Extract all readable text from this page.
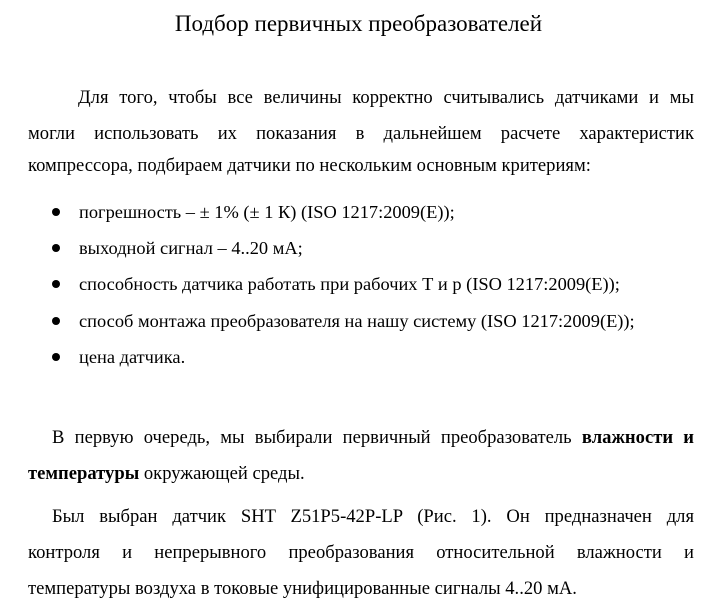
Подбор первичных преобразователей
Для того, чтобы все величины корректно считывались датчиками и мы
могли использовать их показания в дальнейшем расчете характеристик
компрессора, подбираем датчики по нескольким основным критериям:
погрешность – ± 1% (± 1 К) (ISO 1217:2009(E));
выходной сигнал – 4..20 мА;
способность датчика работать при рабочих Т и р (ISO 1217:2009(E));
способ монтажа преобразователя на нашу систему (ISO 1217:2009(E));
цена датчика.
В первую очередь, мы выбирали первичный преобразователь влажности и
температуры окружающей среды.
Был выбран датчик SHT Z51P5-42P-LP (Рис. 1). Он предназначен для
контроля и непрерывного преобразования относительной влажности и
температуры воздуха в токовые унифицированные сигналы 4..20 мА.
